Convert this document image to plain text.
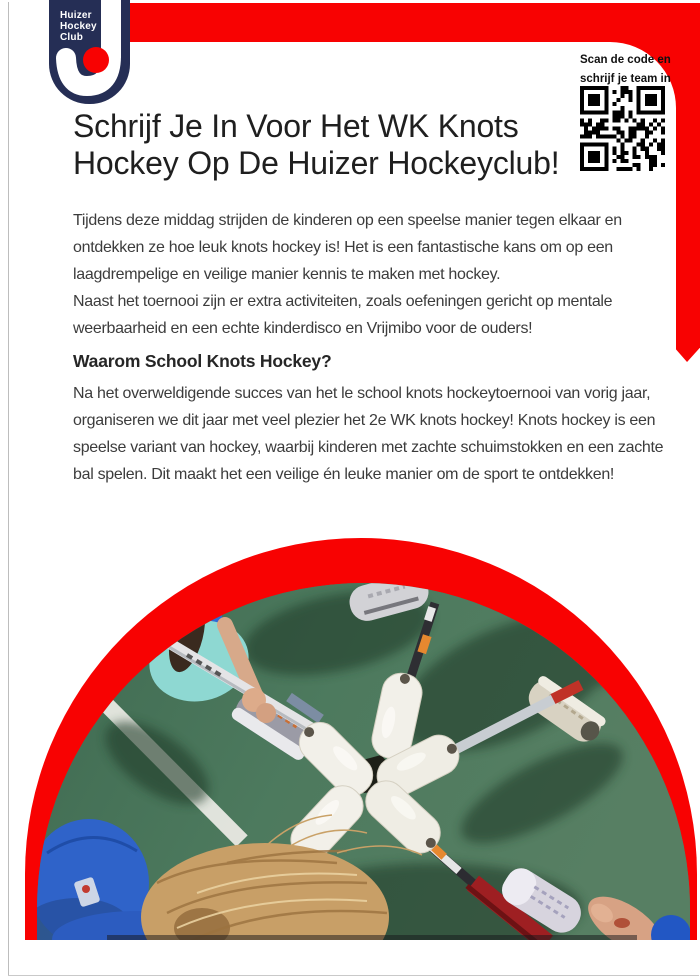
Huizer
Hockey
Club
Scan de code en
schrijf je team in
Schrijf Je In Voor Het WK Knots
Hockey Op De Huizer Hockeyclub!
Tijdens deze middag strijden de kinderen op een speelse manier tegen elkaar en
ontdekken ze hoe leuk knots hockey is! Het is een fantastische kans om op een
laagdrempelige en veilige manier kennis te maken met hockey.
Naast het toernooi zijn er extra activiteiten, zoals oefeningen gericht op mentale
weerbaarheid en een echte kinderdisco en Vrijmibo voor de ouders!
Waarom School Knots Hockey?
Na het overweldigende succes van het le school knots hockeytoernooi van vorig jaar,
organiseren we dit jaar met veel plezier het 2e WK knots hockey! Knots hockey is een
speelse variant van hockey, waarbij kinderen met zachte schuimstokken en een zachte
bal spelen. Dit maakt het een veilige én leuke manier om de sport te ontdekken!
